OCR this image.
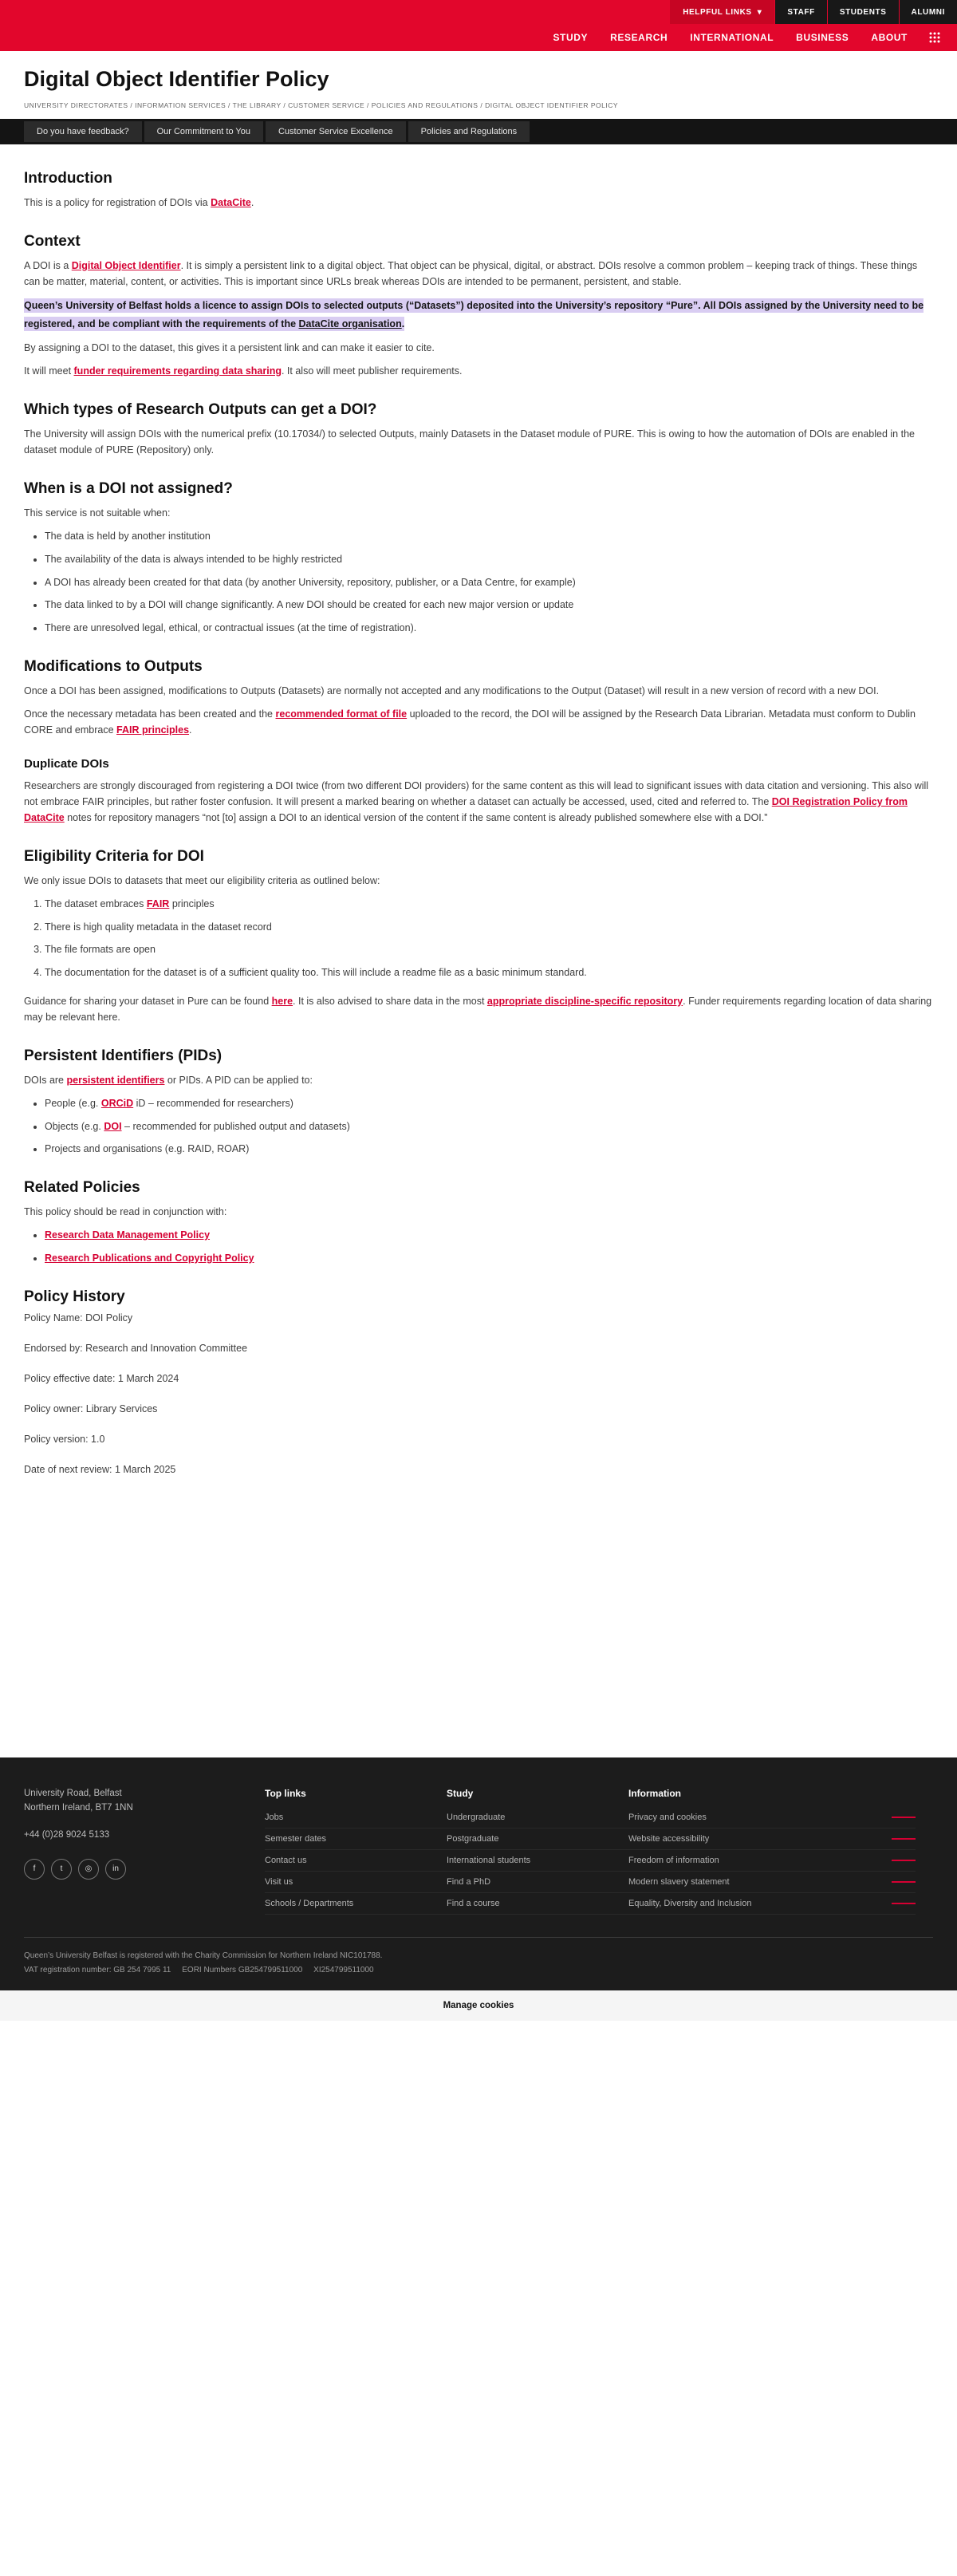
HELPFUL LINKS ▾	STAFF	STUDENTS	ALUMNI
STUDY RESEARCH INTERNATIONAL BUSINESS ABOUT
Digital Object Identifier Policy
UNIVERSITY DIRECTORATES / INFORMATION SERVICES / THE LIBRARY / CUSTOMER SERVICE / POLICIES AND REGULATIONS / DIGITAL OBJECT IDENTIFIER POLICY
Do you have feedback?	Our Commitment to You	Customer Service Excellence	Policies and Regulations
Introduction

This is a policy for registration of DOIs via DataCite.

Context

A DOI is a Digital Object Identifier. It is simply a persistent link to a digital object. That object can be physical, digital, or abstract. DOIs resolve a common problem – keeping track of things. These things can be matter, material, content, or activities. This is important since URLs break whereas DOIs are intended to be permanent, persistent, and stable.

Queen’s University of Belfast holds a licence to assign DOIs to selected outputs (“Datasets”) deposited into the University’s repository “Pure”. All DOIs assigned by the University need to be registered, and be compliant with the requirements of the DataCite organisation.

By assigning a DOI to the dataset, this gives it a persistent link and can make it easier to cite.

It will meet funder requirements regarding data sharing. It also will meet publisher requirements.

Which types of Research Outputs can get a DOI?

The University will assign DOIs with the numerical prefix (10.17034/) to selected Outputs, mainly Datasets in the Dataset module of PURE. This is owing to how the automation of DOIs are enabled in the dataset module of PURE (Repository) only.

When is a DOI not assigned?

This service is not suitable when:

• The data is held by another institution
• The availability of the data is always intended to be highly restricted
• A DOI has already been created for that data (by another University, repository, publisher, or a Data Centre, for example)
• The data linked to by a DOI will change significantly. A new DOI should be created for each new major version or update
• There are unresolved legal, ethical, or contractual issues (at the time of registration).
Modifications to Outputs

Once a DOI has been assigned, modifications to Outputs (Datasets) are normally not accepted and any modifications to the Output (Dataset) will result in a new version of record with a new DOI.

Once the necessary metadata has been created and the recommended format of file uploaded to the record, the DOI will be assigned by the Research Data Librarian. Metadata must conform to Dublin CORE and embrace FAIR principles.

Duplicate DOIs

Researchers are strongly discouraged from registering a DOI twice (from two different DOI providers) for the same content as this will lead to significant issues with data citation and versioning. This also will not embrace FAIR principles, but rather foster confusion. It will present a marked bearing on whether a dataset can actually be accessed, used, cited and referred to. The DOI Registration Policy from DataCite notes for repository managers “not [to] assign a DOI to an identical version of the content if the same content is already published somewhere else with a DOI.”

Eligibility Criteria for DOI

We only issue DOIs to datasets that meet our eligibility criteria as outlined below:

1. The dataset embraces FAIR principles
2. There is high quality metadata in the dataset record
3. The file formats are open
4. The documentation for the dataset is of a sufficient quality too. This will include a readme file as a basic minimum standard.

Guidance for sharing your dataset in Pure can be found here. It is also advised to share data in the most appropriate discipline-specific repository. Funder requirements regarding location of data sharing may be relevant here.

Persistent Identifiers (PIDs)

DOIs are persistent identifiers or PIDs. A PID can be applied to:

• People (e.g. ORCiD iD – recommended for researchers)
• Objects (e.g. DOI – recommended for published output and datasets)
• Projects and organisations (e.g. RAID, ROAR)
Related Policies

This policy should be read in conjunction with:

• Research Data Management Policy
• Research Publications and Copyright Policy
Policy History
Policy Name: DOI Policy
Endorsed by: Research and Innovation Committee
Policy effective date: 1 March 2024
Policy owner: Library Services
Policy version: 1.0
Date of next review: 1 March 2025
University Road, Belfast
Northern Ireland, BT7 1NN
+44 (0)28 9024 5133
f	t	◎	in
Top links
Jobs
Semester dates
Contact us
Visit us
Schools / Departments
Study
Undergraduate
Postgraduate
International students
Find a PhD
Find a course
Information
Privacy and cookies
Website accessibility
Freedom of information
Modern slavery statement
Equality, Diversity and Inclusion
Queen’s University Belfast is registered with the Charity Commission for Northern Ireland NIC101788.
VAT registration number: GB 254 7995 11     EORI Numbers GB254799511000     XI254799511000
Manage cookies
